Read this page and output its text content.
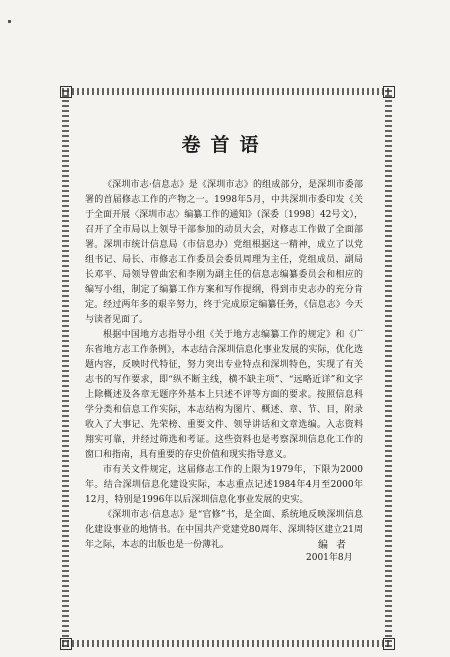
卷首语

《深圳市志·信息志》是《深圳市志》的组成部分，是深圳市委部署的首届修志工作的产物之一。1998年5月，中共深圳市委印发《关于全面开展〈深圳市志〉编纂工作的通知》（深委〔1998〕42号文），召开了全市局以上领导干部参加的动员大会，对修志工作做了全面部署。深圳市统计信息局（市信息办）党组根据这一精神，成立了以党组书记、局长、市修志工作委员会委员周理为主任，党组成员、副局长邓平、局领导曾曲宏和李刚为副主任的信息志编纂委员会和相应的编写小组，制定了编纂工作方案和写作提纲，得到市史志办的充分肯定。经过两年多的艰辛努力，终于完成原定编纂任务，《信息志》今天与读者见面了。

根据中国地方志指导小组《关于地方志编纂工作的规定》和《广东省地方志工作条例》，本志结合深圳信息化事业发展的实际，优化选题内容，反映时代特征，努力突出专业特点和深圳特色，实现了有关志书的写作要求，即“纵不断主线，横不缺主项”、“远略近详”和文字上除概述及各章无题序外基本上只述不评等方面的要求。按照信息科学分类和信息工作实际，本志结构为图片、概述、章、节、目，附录收入了大事记、先荣榜、重要文件、领导讲话和文章选编。入志资料翔实可靠，并经过筛选和考证。这些资料也是考察深圳信息化工作的窗口和指南，具有重要的存史价值和现实指导意义。

市有关文件规定，这届修志工作的上限为1979年，下限为2000年。结合深圳信息化建设实际，本志重点记述1984年4月至2000年12月，特别是1996年以后深圳信息化事业发展的史实。

《深圳市志·信息志》是“官修”书，是全面、系统地反映深圳信息化建设事业的地情书。在中国共产党建党80周年、深圳特区建立21周年之际，本志的出版也是一份薄礼。	编者
2001年8月
